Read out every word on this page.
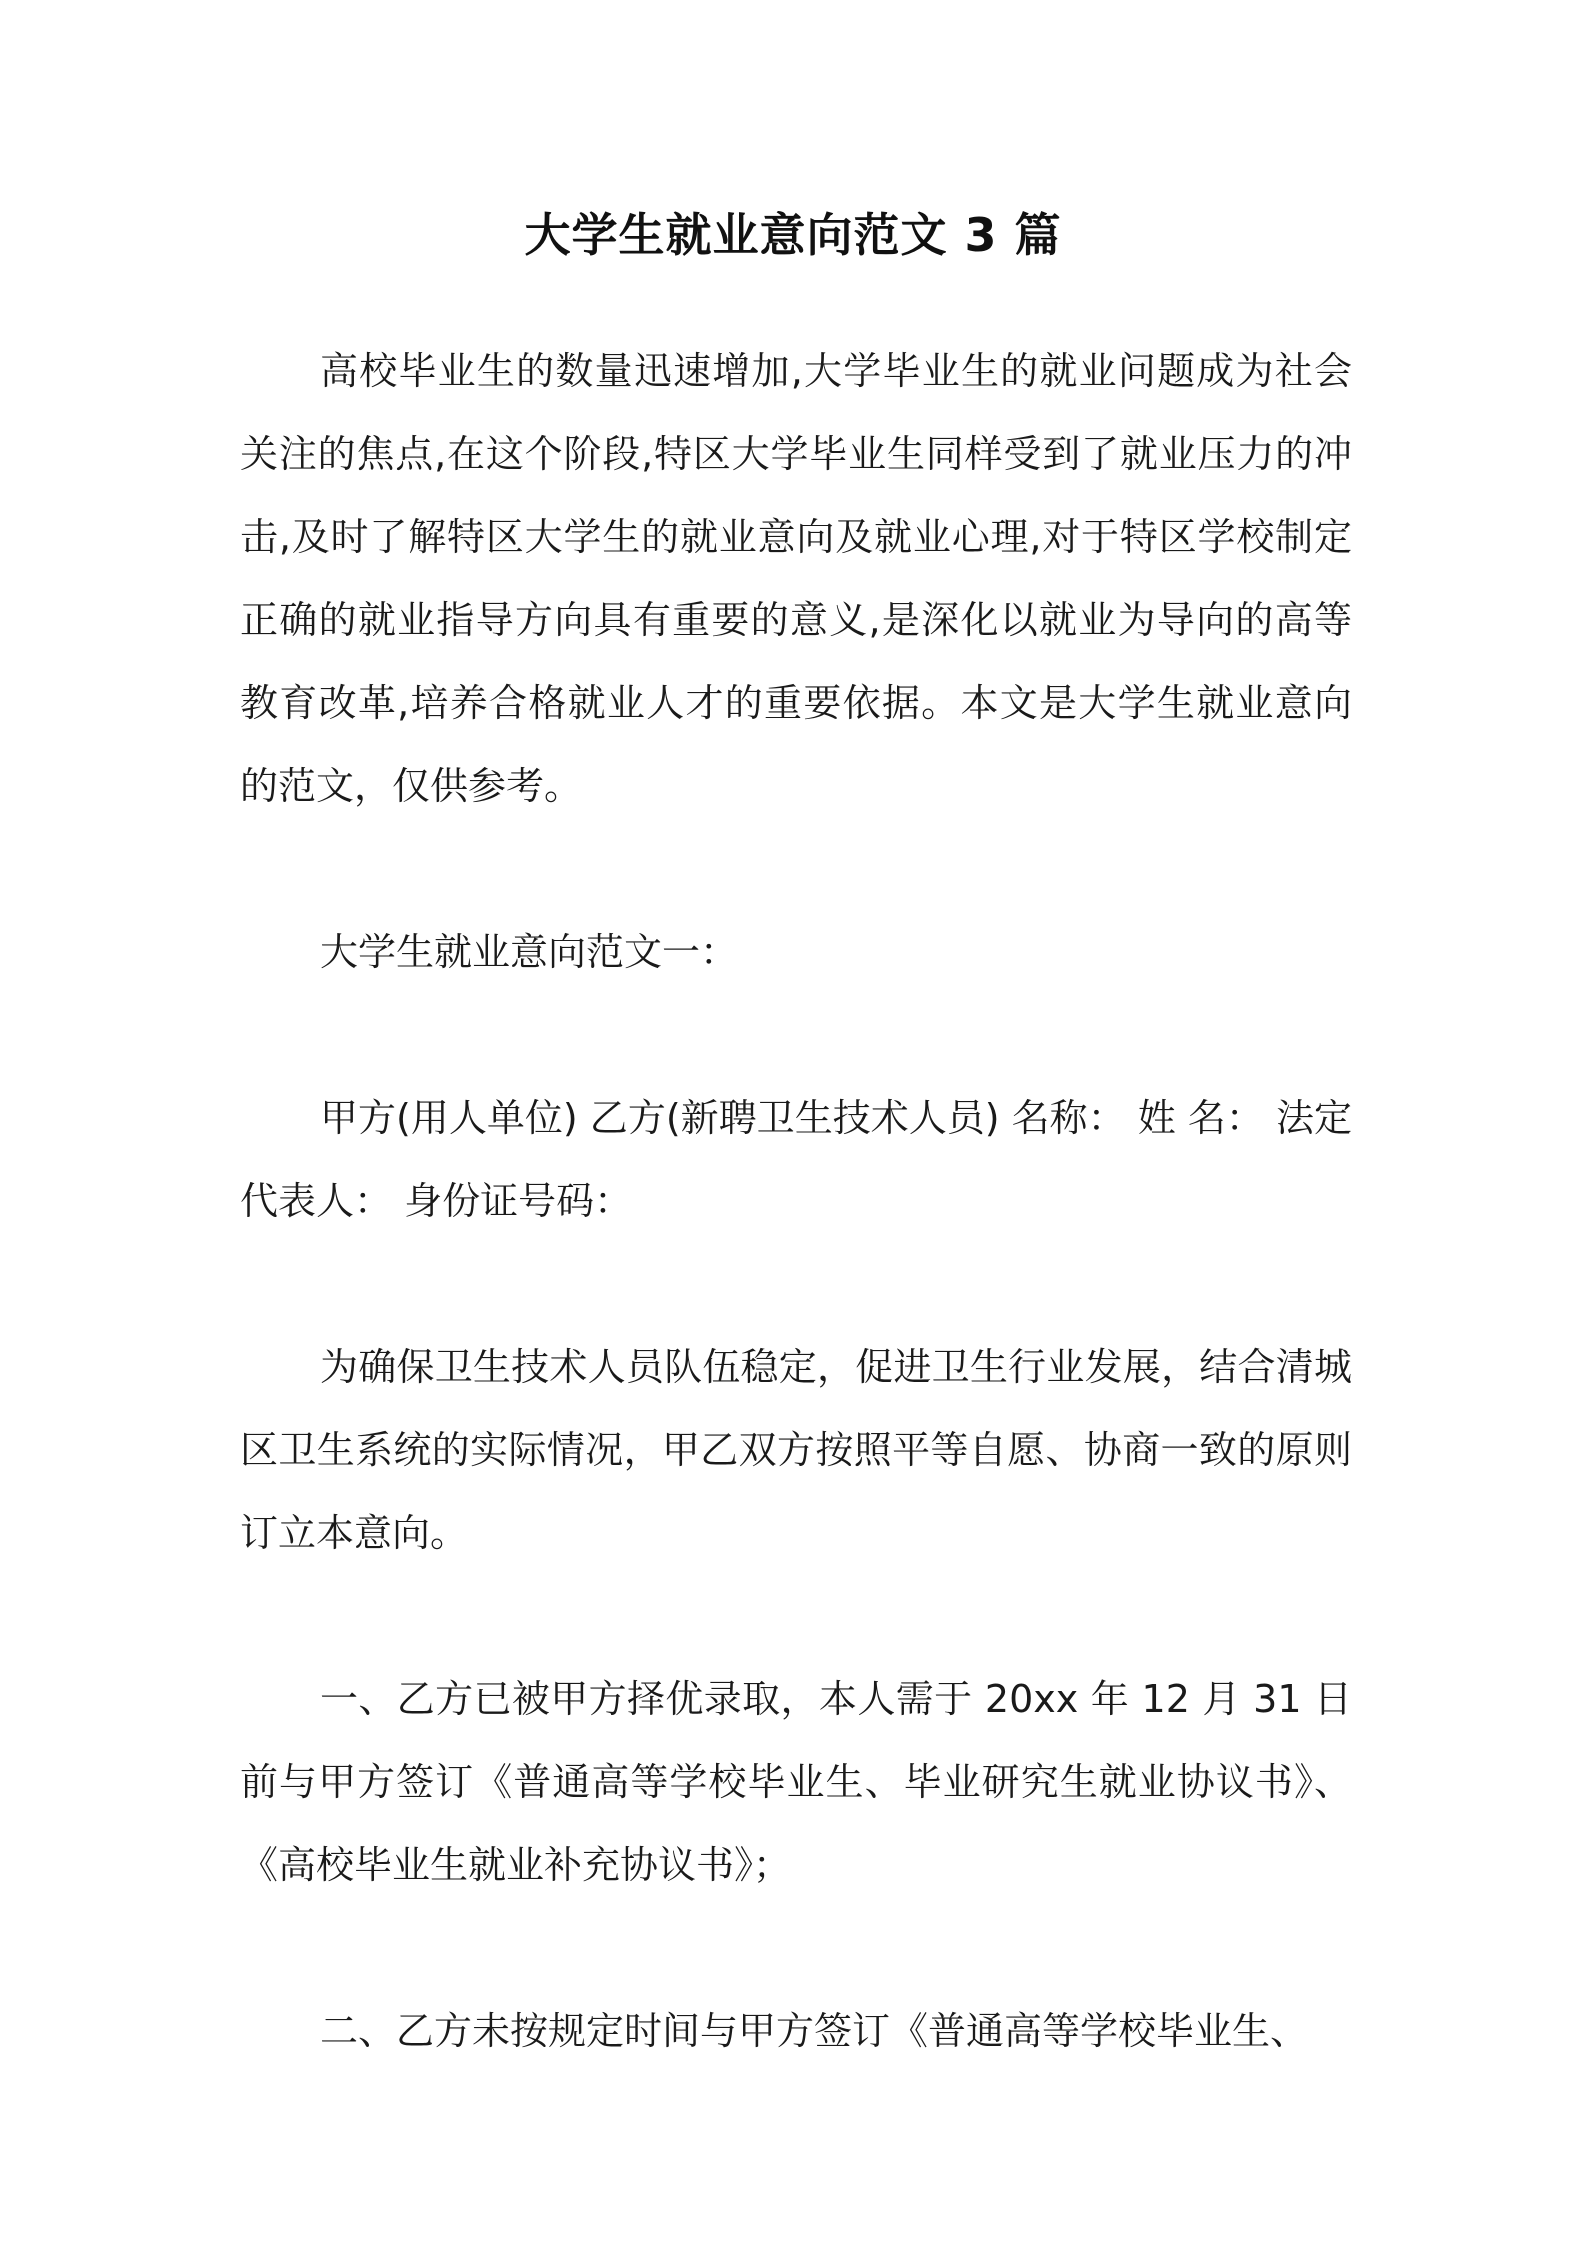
大学生就业意向范文 3 篇

高校毕业生的数量迅速增加,大学毕业生的就业问题成为社会关注的焦点,在这个阶段,特区大学毕业生同样受到了就业压力的冲击,及时了解特区大学生的就业意向及就业心理,对于特区学校制定正确的就业指导方向具有重要的意义,是深化以就业为导向的高等教育改革,培养合格就业人才的重要依据。本文是大学生就业意向的范文，仅供参考。

大学生就业意向范文一：

甲方(用人单位) 乙方(新聘卫生技术人员) 名称： 姓 名： 法定代表人： 身份证号码：

为确保卫生技术人员队伍稳定，促进卫生行业发展，结合清城区卫生系统的实际情况，甲乙双方按照平等自愿、协商一致的原则订立本意向。

一、乙方已被甲方择优录取，本人需于 20xx 年 12 月 31 日前与甲方签订《普通高等学校毕业生、毕业研究生就业协议书》、《高校毕业生就业补充协议书》；

二、乙方未按规定时间与甲方签订《普通高等学校毕业生、
